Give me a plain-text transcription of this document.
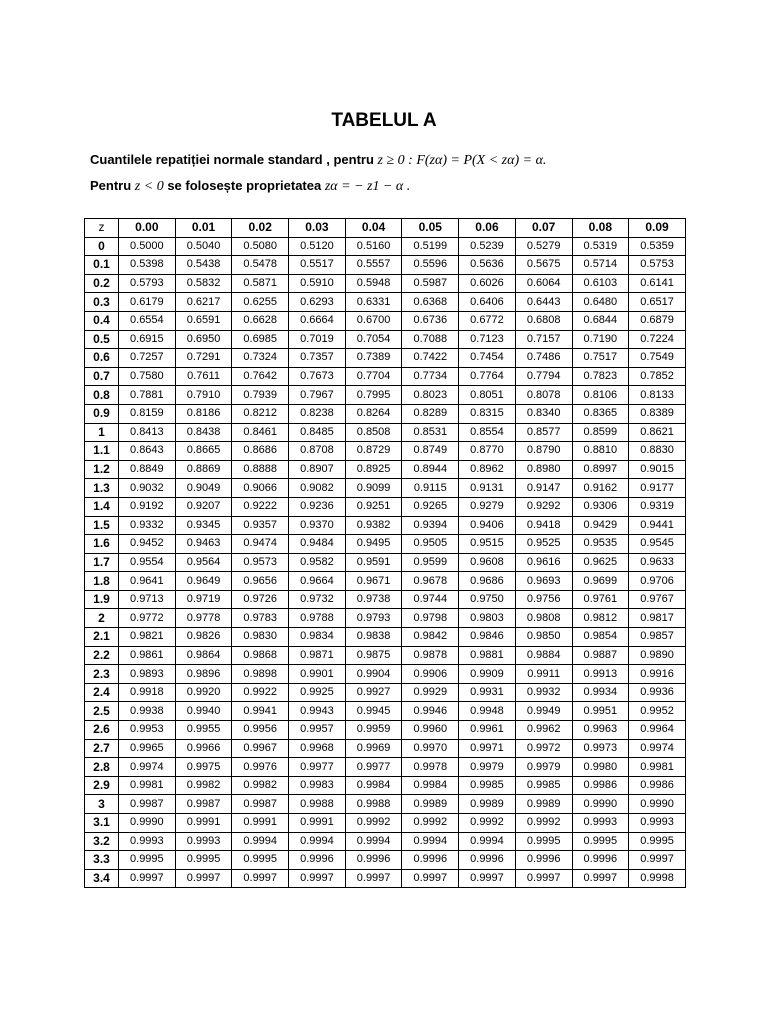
TABELUL A
Cuantilele repatiției normale standard , pentru z ≥ 0 : F(zα) = P(X < zα) = α.
Pentru z < 0 se folosește proprietatea zα = − z1 − α .
z	0.00	0.01	0.02	0.03	0.04	0.05	0.06	0.07	0.08	0.09
0	0.5000	0.5040	0.5080	0.5120	0.5160	0.5199	0.5239	0.5279	0.5319	0.5359
0.1	0.5398	0.5438	0.5478	0.5517	0.5557	0.5596	0.5636	0.5675	0.5714	0.5753
0.2	0.5793	0.5832	0.5871	0.5910	0.5948	0.5987	0.6026	0.6064	0.6103	0.6141
0.3	0.6179	0.6217	0.6255	0.6293	0.6331	0.6368	0.6406	0.6443	0.6480	0.6517
0.4	0.6554	0.6591	0.6628	0.6664	0.6700	0.6736	0.6772	0.6808	0.6844	0.6879
0.5	0.6915	0.6950	0.6985	0.7019	0.7054	0.7088	0.7123	0.7157	0.7190	0.7224
0.6	0.7257	0.7291	0.7324	0.7357	0.7389	0.7422	0.7454	0.7486	0.7517	0.7549
0.7	0.7580	0.7611	0.7642	0.7673	0.7704	0.7734	0.7764	0.7794	0.7823	0.7852
0.8	0.7881	0.7910	0.7939	0.7967	0.7995	0.8023	0.8051	0.8078	0.8106	0.8133
0.9	0.8159	0.8186	0.8212	0.8238	0.8264	0.8289	0.8315	0.8340	0.8365	0.8389
1	0.8413	0.8438	0.8461	0.8485	0.8508	0.8531	0.8554	0.8577	0.8599	0.8621
1.1	0.8643	0.8665	0.8686	0.8708	0.8729	0.8749	0.8770	0.8790	0.8810	0.8830
1.2	0.8849	0.8869	0.8888	0.8907	0.8925	0.8944	0.8962	0.8980	0.8997	0.9015
1.3	0.9032	0.9049	0.9066	0.9082	0.9099	0.9115	0.9131	0.9147	0.9162	0.9177
1.4	0.9192	0.9207	0.9222	0.9236	0.9251	0.9265	0.9279	0.9292	0.9306	0.9319
1.5	0.9332	0.9345	0.9357	0.9370	0.9382	0.9394	0.9406	0.9418	0.9429	0.9441
1.6	0.9452	0.9463	0.9474	0.9484	0.9495	0.9505	0.9515	0.9525	0.9535	0.9545
1.7	0.9554	0.9564	0.9573	0.9582	0.9591	0.9599	0.9608	0.9616	0.9625	0.9633
1.8	0.9641	0.9649	0.9656	0.9664	0.9671	0.9678	0.9686	0.9693	0.9699	0.9706
1.9	0.9713	0.9719	0.9726	0.9732	0.9738	0.9744	0.9750	0.9756	0.9761	0.9767
2	0.9772	0.9778	0.9783	0.9788	0.9793	0.9798	0.9803	0.9808	0.9812	0.9817
2.1	0.9821	0.9826	0.9830	0.9834	0.9838	0.9842	0.9846	0.9850	0.9854	0.9857
2.2	0.9861	0.9864	0.9868	0.9871	0.9875	0.9878	0.9881	0.9884	0.9887	0.9890
2.3	0.9893	0.9896	0.9898	0.9901	0.9904	0.9906	0.9909	0.9911	0.9913	0.9916
2.4	0.9918	0.9920	0.9922	0.9925	0.9927	0.9929	0.9931	0.9932	0.9934	0.9936
2.5	0.9938	0.9940	0.9941	0.9943	0.9945	0.9946	0.9948	0.9949	0.9951	0.9952
2.6	0.9953	0.9955	0.9956	0.9957	0.9959	0.9960	0.9961	0.9962	0.9963	0.9964
2.7	0.9965	0.9966	0.9967	0.9968	0.9969	0.9970	0.9971	0.9972	0.9973	0.9974
2.8	0.9974	0.9975	0.9976	0.9977	0.9977	0.9978	0.9979	0.9979	0.9980	0.9981
2.9	0.9981	0.9982	0.9982	0.9983	0.9984	0.9984	0.9985	0.9985	0.9986	0.9986
3	0.9987	0.9987	0.9987	0.9988	0.9988	0.9989	0.9989	0.9989	0.9990	0.9990
3.1	0.9990	0.9991	0.9991	0.9991	0.9992	0.9992	0.9992	0.9992	0.9993	0.9993
3.2	0.9993	0.9993	0.9994	0.9994	0.9994	0.9994	0.9994	0.9995	0.9995	0.9995
3.3	0.9995	0.9995	0.9995	0.9996	0.9996	0.9996	0.9996	0.9996	0.9996	0.9997
3.4	0.9997	0.9997	0.9997	0.9997	0.9997	0.9997	0.9997	0.9997	0.9997	0.9998
